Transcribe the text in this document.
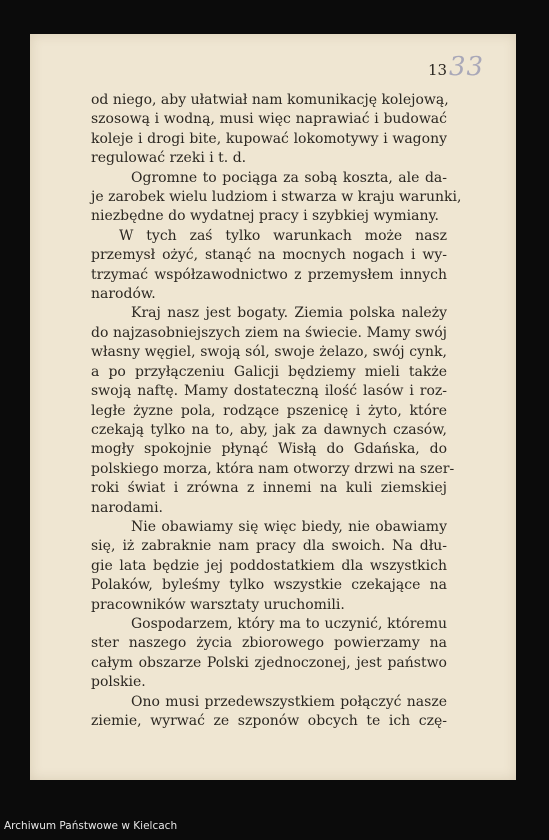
13 33
od niego, aby ułatwiał nam komunikację kolejową,
szosową i wodną, musi więc naprawiać i budować
koleje i drogi bite, kupować lokomotywy i wagony
regulować rzeki i t. d.
Ogromne to pociąga za sobą koszta, ale da-
je zarobek wielu ludziom i stwarza w kraju warunki,
niezbędne do wydatnej pracy i szybkiej wymiany.
W tych zaś tylko warunkach może nasz
przemysł ożyć, stanąć na mocnych nogach i wy-
trzymać współzawodnictwo z przemysłem innych
narodów.
Kraj nasz jest bogaty. Ziemia polska należy
do najzasobniejszych ziem na świecie. Mamy swój
własny węgiel, swoją sól, swoje żelazo, swój cynk,
a po przyłączeniu Galicji będziemy mieli także
swoją naftę. Mamy dostateczną ilość lasów i roz-
ległe żyzne pola, rodzące pszenicę i żyto, które
czekają tylko na to, aby, jak za dawnych czasów,
mogły spokojnie płynąć Wisłą do Gdańska, do
polskiego morza, która nam otworzy drzwi na szer-
roki świat i zrówna z innemi na kuli ziemskiej
narodami.
Nie obawiamy się więc biedy, nie obawiamy
się, iż zabraknie nam pracy dla swoich. Na dłu-
gie lata będzie jej poddostatkiem dla wszystkich
Polaków, byleśmy tylko wszystkie czekające na
pracowników warsztaty uruchomili.
Gospodarzem, który ma to uczynić, któremu
ster naszego życia zbiorowego powierzamy na
całym obszarze Polski zjednoczonej, jest państwo
polskie.
Ono musi przedewszystkiem połączyć nasze
ziemie, wyrwać ze szponów obcych te ich czę-
Archiwum Państwowe w Kielcach
